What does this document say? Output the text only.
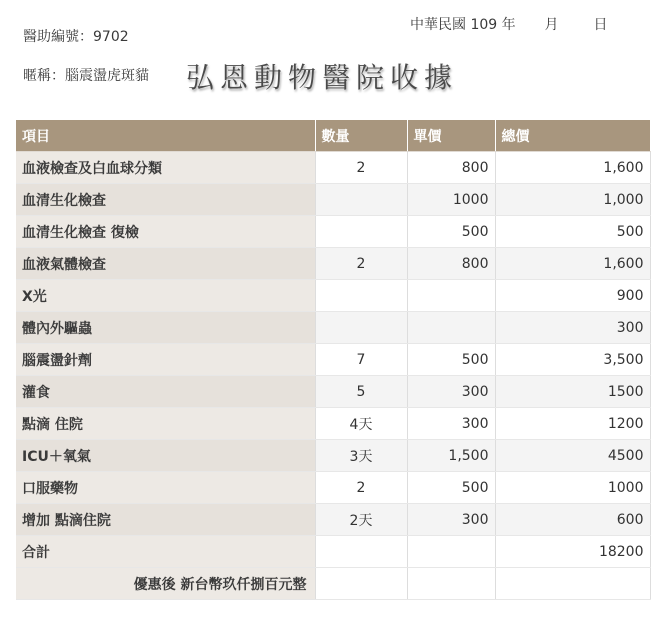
醫助編號：9702
暱稱：腦震盪虎斑貓
中華民國 109 年 月 日
弘恩動物醫院收據
項目	數量	單價	總價
血液檢查及白血球分類	2	800	1,600
血清生化檢查		1000	1,000
血清生化檢查 復檢		500	500
血液氣體檢查	2	800	1,600
X光			900
體內外驅蟲			300
腦震盪針劑	7	500	3,500
灌食	5	300	1500
點滴 住院	4天	300	1200
ICU＋氧氣	3天	1,500	4500
口服藥物	2	500	1000
增加 點滴住院	2天	300	600
合計			18200
優惠後 新台幣玖仟捌百元整			
